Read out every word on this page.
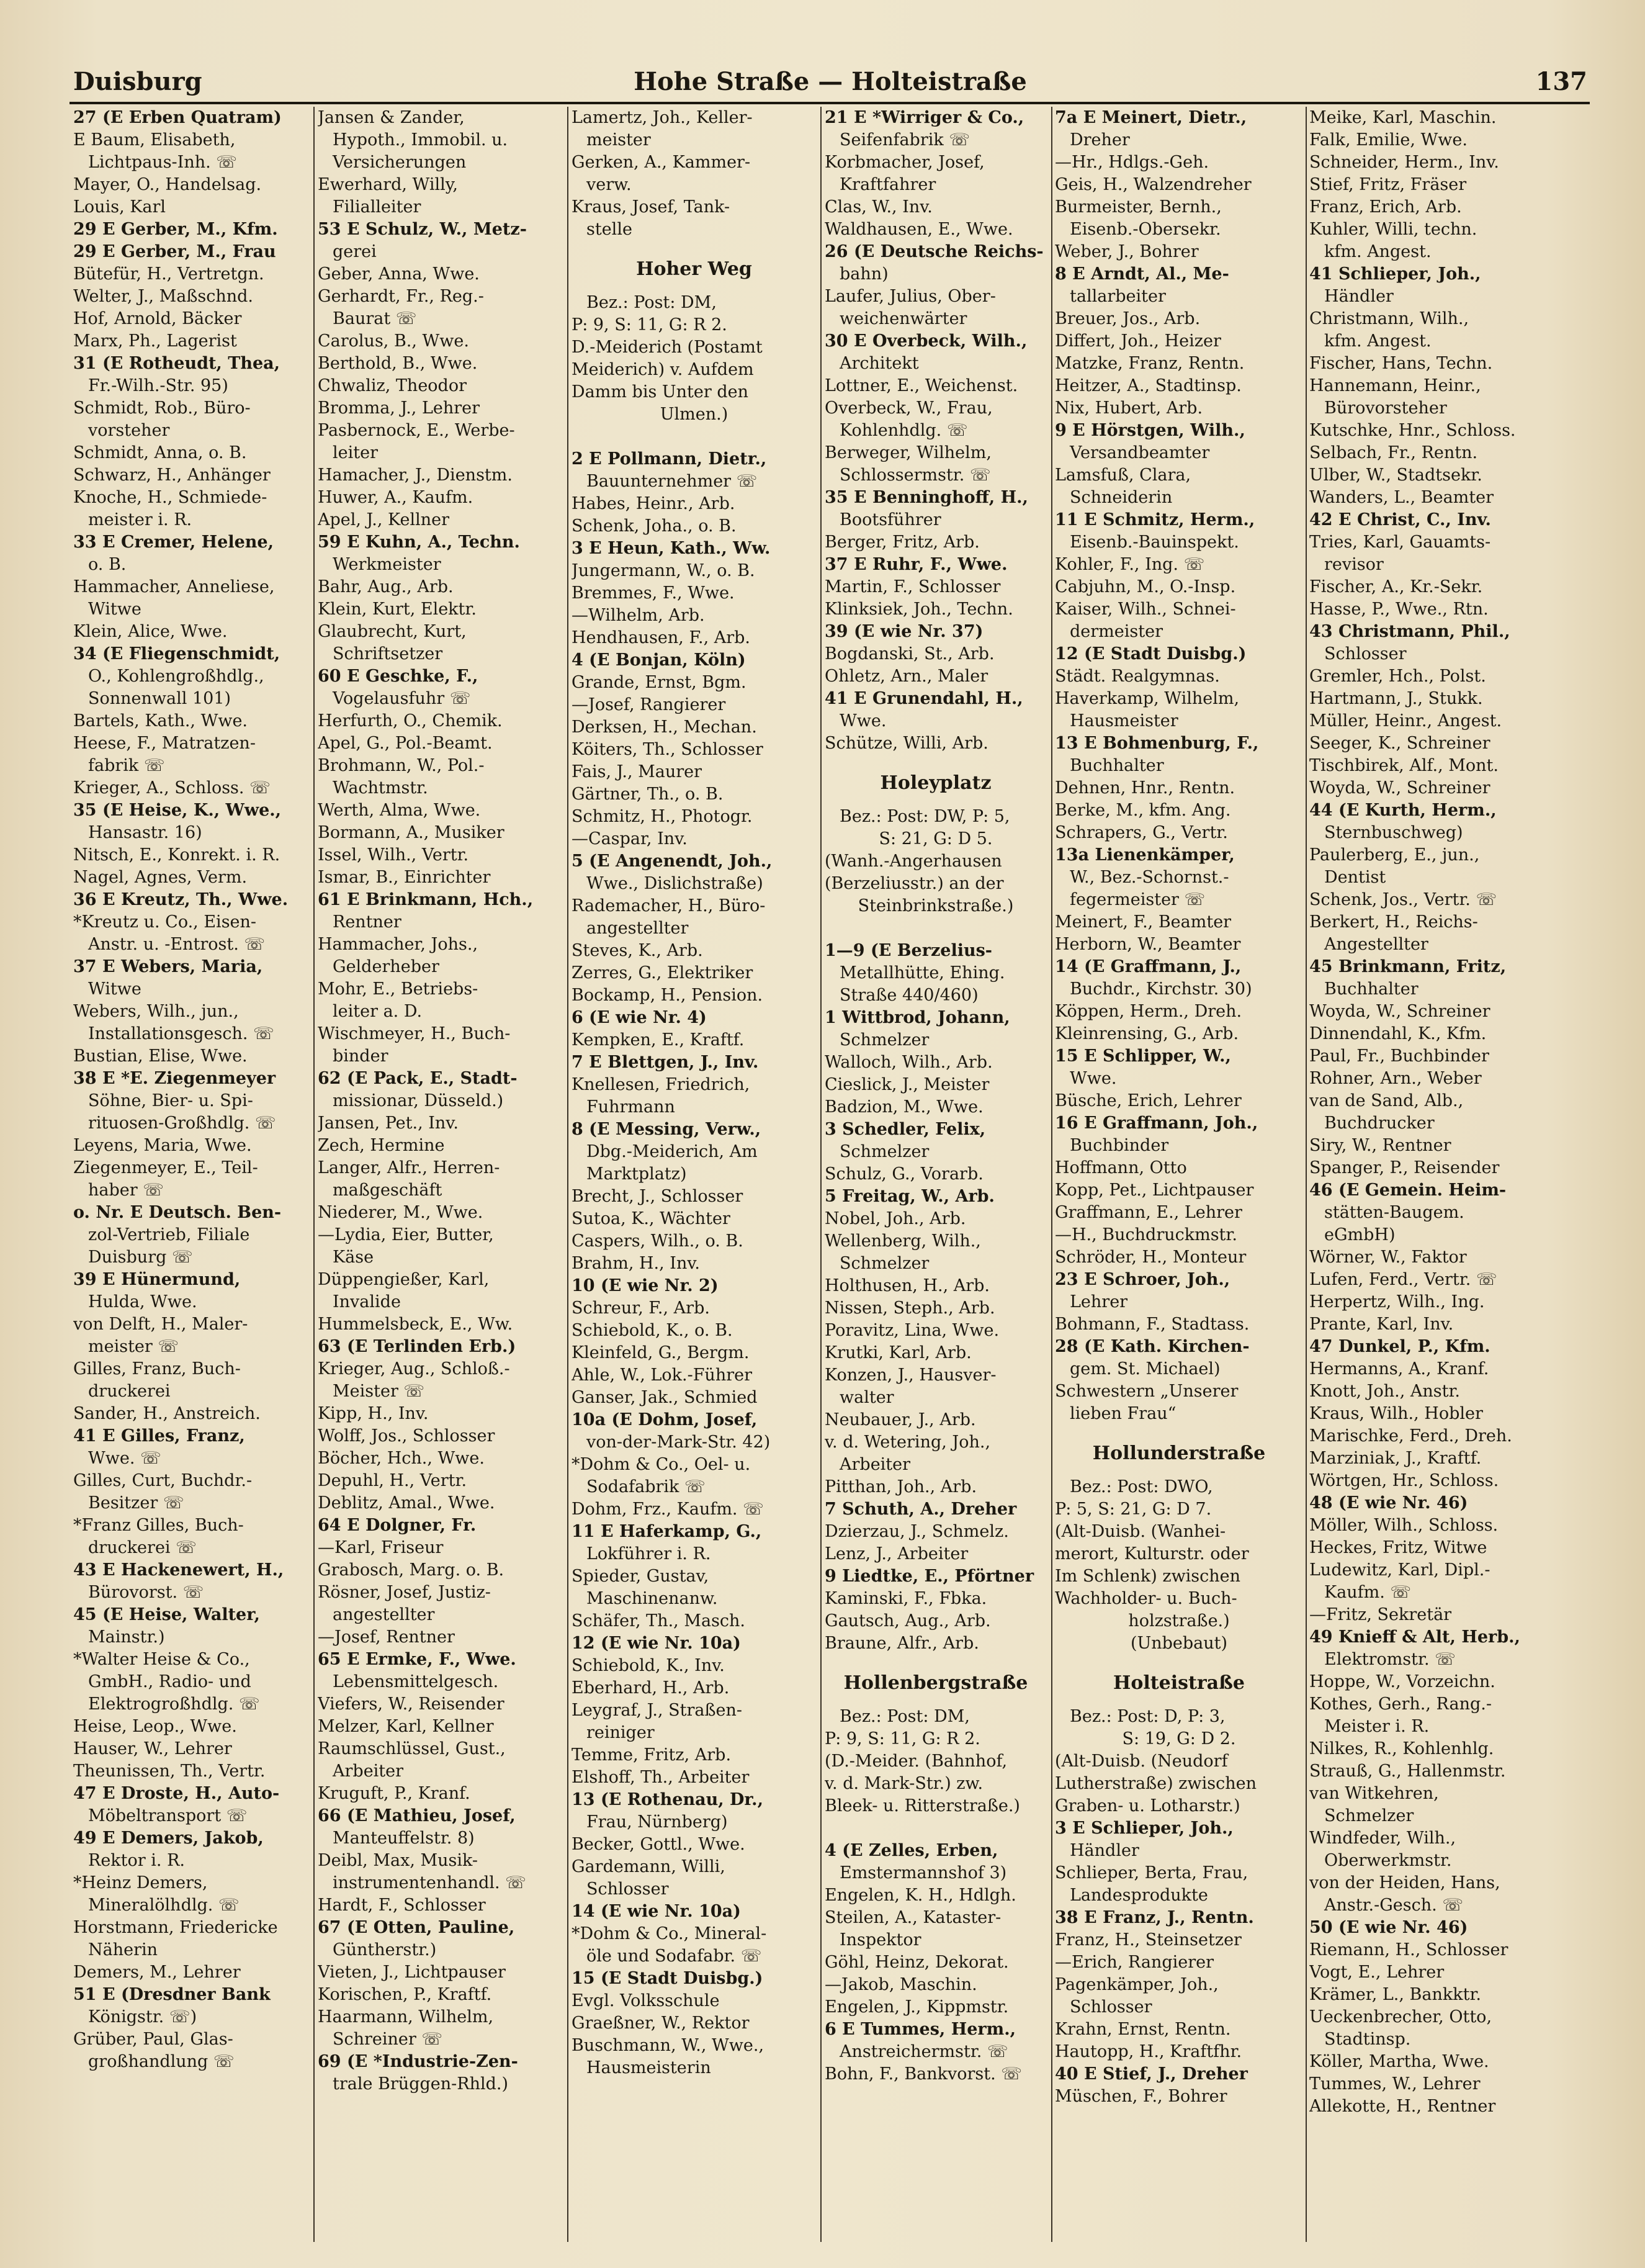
Duisburg	Hohe Straße — Holteistraße	137
27 (E Erben Quatram)
E Baum, Elisabeth,
Lichtpaus-Inh. ☏
Mayer, O., Handelsag.
Louis, Karl
29 E Gerber, M., Kfm.
29 E Gerber, M., Frau
Bütefür, H., Vertretgn.
Welter, J., Maßschnd.
Hof, Arnold, Bäcker
Marx, Ph., Lagerist
31 (E Rotheudt, Thea,
Fr.-Wilh.-Str. 95)
Schmidt, Rob., Büro-
vorsteher
Schmidt, Anna, o. B.
Schwarz, H., Anhänger
Knoche, H., Schmiede-
meister i. R.
33 E Cremer, Helene,
o. B.
Hammacher, Anneliese,
Witwe
Klein, Alice, Wwe.
34 (E Fliegenschmidt,
O., Kohlengroßhdlg.,
Sonnenwall 101)
Bartels, Kath., Wwe.
Heese, F., Matratzen-
fabrik ☏
Krieger, A., Schloss. ☏
35 (E Heise, K., Wwe.,
Hansastr. 16)
Nitsch, E., Konrekt. i. R.
Nagel, Agnes, Verm.
36 E Kreutz, Th., Wwe.
*Kreutz u. Co., Eisen-
Anstr. u. -Entrost. ☏
37 E Webers, Maria,
Witwe
Webers, Wilh., jun.,
Installationsgesch. ☏
Bustian, Elise, Wwe.
38 E *E. Ziegenmeyer
Söhne, Bier- u. Spi-
rituosen-Großhdlg. ☏
Leyens, Maria, Wwe.
Ziegenmeyer, E., Teil-
haber ☏
o. Nr. E Deutsch. Ben-
zol-Vertrieb, Filiale
Duisburg ☏
39 E Hünermund,
Hulda, Wwe.
von Delft, H., Maler-
meister ☏
Gilles, Franz, Buch-
druckerei
Sander, H., Anstreich.
41 E Gilles, Franz,
Wwe. ☏
Gilles, Curt, Buchdr.-
Besitzer ☏
*Franz Gilles, Buch-
druckerei ☏
43 E Hackenewert, H.,
Bürovorst. ☏
45 (E Heise, Walter,
Mainstr.)
*Walter Heise & Co.,
GmbH., Radio- und
Elektrogroßhdlg. ☏
Heise, Leop., Wwe.
Hauser, W., Lehrer
Theunissen, Th., Vertr.
47 E Droste, H., Auto-
Möbeltransport ☏
49 E Demers, Jakob,
Rektor i. R.
*Heinz Demers,
Mineralölhdlg. ☏
Horstmann, Friedericke
Näherin
Demers, M., Lehrer
51 E (Dresdner Bank
Königstr. ☏)
Grüber, Paul, Glas-
großhandlung ☏
Jansen & Zander,
Hypoth., Immobil. u.
Versicherungen
Ewerhard, Willy,
Filialleiter
53 E Schulz, W., Metz-
gerei
Geber, Anna, Wwe.
Gerhardt, Fr., Reg.-
Baurat ☏
Carolus, B., Wwe.
Berthold, B., Wwe.
Chwaliz, Theodor
Bromma, J., Lehrer
Pasbernock, E., Werbe-
leiter
Hamacher, J., Dienstm.
Huwer, A., Kaufm.
Apel, J., Kellner
59 E Kuhn, A., Techn.
Werkmeister
Bahr, Aug., Arb.
Klein, Kurt, Elektr.
Glaubrecht, Kurt,
Schriftsetzer
60 E Geschke, F.,
Vogelausfuhr ☏
Herfurth, O., Chemik.
Apel, G., Pol.-Beamt.
Brohmann, W., Pol.-
Wachtmstr.
Werth, Alma, Wwe.
Bormann, A., Musiker
Issel, Wilh., Vertr.
Ismar, B., Einrichter
61 E Brinkmann, Hch.,
Rentner
Hammacher, Johs.,
Gelderheber
Mohr, E., Betriebs-
leiter a. D.
Wischmeyer, H., Buch-
binder
62 (E Pack, E., Stadt-
missionar, Düsseld.)
Jansen, Pet., Inv.
Zech, Hermine
Langer, Alfr., Herren-
maßgeschäft
Niederer, M., Wwe.
—Lydia, Eier, Butter,
Käse
Düppengießer, Karl,
Invalide
Hummelsbeck, E., Ww.
63 (E Terlinden Erb.)
Krieger, Aug., Schloß.-
Meister ☏
Kipp, H., Inv.
Wolff, Jos., Schlosser
Böcher, Hch., Wwe.
Depuhl, H., Vertr.
Deblitz, Amal., Wwe.
64 E Dolgner, Fr.
—Karl, Friseur
Grabosch, Marg. o. B.
Rösner, Josef, Justiz-
angestellter
—Josef, Rentner
65 E Ermke, F., Wwe.
Lebensmittelgesch.
Viefers, W., Reisender
Melzer, Karl, Kellner
Raumschlüssel, Gust.,
Arbeiter
Kruguft, P., Kranf.
66 (E Mathieu, Josef,
Manteuffelstr. 8)
Deibl, Max, Musik-
instrumentenhandl. ☏
Hardt, F., Schlosser
67 (E Otten, Pauline,
Güntherstr.)
Vieten, J., Lichtpauser
Korischen, P., Kraftf.
Haarmann, Wilhelm,
Schreiner ☏
69 (E *Industrie-Zen-
trale Brüggen-Rhld.)
Lamertz, Joh., Keller-
meister
Gerken, A., Kammer-
verw.
Kraus, Josef, Tank-
stelle
Hoher Weg
Bez.: Post: DM,
P: 9, S: 11, G: R 2.
D.-Meiderich (Postamt
Meiderich) v. Aufdem
Damm bis Unter den
Ulmen.)

2 E Pollmann, Dietr.,
Bauunternehmer ☏
Habes, Heinr., Arb.
Schenk, Joha., o. B.
3 E Heun, Kath., Ww.
Jungermann, W., o. B.
Bremmes, F., Wwe.
—Wilhelm, Arb.
Hendhausen, F., Arb.
4 (E Bonjan, Köln)
Grande, Ernst, Bgm.
—Josef, Rangierer
Derksen, H., Mechan.
Köiters, Th., Schlosser
Fais, J., Maurer
Gärtner, Th., o. B.
Schmitz, H., Photogr.
—Caspar, Inv.
5 (E Angenendt, Joh.,
Wwe., Dislichstraße)
Rademacher, H., Büro-
angestellter
Steves, K., Arb.
Zerres, G., Elektriker
Bockamp, H., Pension.
6 (E wie Nr. 4)
Kempken, E., Kraftf.
7 E Blettgen, J., Inv.
Knellesen, Friedrich,
Fuhrmann
8 (E Messing, Verw.,
Dbg.-Meiderich, Am
Marktplatz)
Brecht, J., Schlosser
Sutoa, K., Wächter
Caspers, Wilh., o. B.
Brahm, H., Inv.
10 (E wie Nr. 2)
Schreur, F., Arb.
Schiebold, K., o. B.
Kleinfeld, G., Bergm.
Ahle, W., Lok.-Führer
Ganser, Jak., Schmied
10a (E Dohm, Josef,
von-der-Mark-Str. 42)
*Dohm & Co., Oel- u.
Sodafabrik ☏
Dohm, Frz., Kaufm. ☏
11 E Haferkamp, G.,
Lokführer i. R.
Spieder, Gustav,
Maschinenanw.
Schäfer, Th., Masch.
12 (E wie Nr. 10a)
Schiebold, K., Inv.
Eberhard, H., Arb.
Leygraf, J., Straßen-
reiniger
Temme, Fritz, Arb.
Elshoff, Th., Arbeiter
13 (E Rothenau, Dr.,
Frau, Nürnberg)
Becker, Gottl., Wwe.
Gardemann, Willi,
Schlosser
14 (E wie Nr. 10a)
*Dohm & Co., Mineral-
öle und Sodafabr. ☏
15 (E Stadt Duisbg.)
Evgl. Volksschule
Graeßner, W., Rektor
Buschmann, W., Wwe.,
Hausmeisterin
21 E *Wirriger & Co.,
Seifenfabrik ☏
Korbmacher, Josef,
Kraftfahrer
Clas, W., Inv.
Waldhausen, E., Wwe.
26 (E Deutsche Reichs-
bahn)
Laufer, Julius, Ober-
weichenwärter
30 E Overbeck, Wilh.,
Architekt
Lottner, E., Weichenst.
Overbeck, W., Frau,
Kohlenhdlg. ☏
Berweger, Wilhelm,
Schlossermstr. ☏
35 E Benninghoff, H.,
Bootsführer
Berger, Fritz, Arb.
37 E Ruhr, F., Wwe.
Martin, F., Schlosser
Klinksiek, Joh., Techn.
39 (E wie Nr. 37)
Bogdanski, St., Arb.
Ohletz, Arn., Maler
41 E Grunendahl, H.,
Wwe.
Schütze, Willi, Arb.
Holeyplatz
Bez.: Post: DW, P: 5,
S: 21, G: D 5.
(Wanh.-Angerhausen
(Berzeliusstr.) an der
Steinbrinkstraße.)

1—9 (E Berzelius-
Metallhütte, Ehing.
Straße 440/460)
1 Wittbrod, Johann,
Schmelzer
Walloch, Wilh., Arb.
Cieslick, J., Meister
Badzion, M., Wwe.
3 Schedler, Felix,
Schmelzer
Schulz, G., Vorarb.
5 Freitag, W., Arb.
Nobel, Joh., Arb.
Wellenberg, Wilh.,
Schmelzer
Holthusen, H., Arb.
Nissen, Steph., Arb.
Poravitz, Lina, Wwe.
Krutki, Karl, Arb.
Konzen, J., Hausver-
walter
Neubauer, J., Arb.
v. d. Wetering, Joh.,
Arbeiter
Pitthan, Joh., Arb.
7 Schuth, A., Dreher
Dzierzau, J., Schmelz.
Lenz, J., Arbeiter
9 Liedtke, E., Pförtner
Kaminski, F., Fbka.
Gautsch, Aug., Arb.
Braune, Alfr., Arb.
Hollenbergstraße
Bez.: Post: DM,
P: 9, S: 11, G: R 2.
(D.-Meider. (Bahnhof,
v. d. Mark-Str.) zw.
Bleek- u. Ritterstraße.)

4 (E Zelles, Erben,
Emstermannshof 3)
Engelen, K. H., Hdlgh.
Steilen, A., Kataster-
Inspektor
Göhl, Heinz, Dekorat.
—Jakob, Maschin.
Engelen, J., Kippmstr.
6 E Tummes, Herm.,
Anstreichermstr. ☏
Bohn, F., Bankvorst. ☏
7a E Meinert, Dietr.,
Dreher
—Hr., Hdlgs.-Geh.
Geis, H., Walzendreher
Burmeister, Bernh.,
Eisenb.-Obersekr.
Weber, J., Bohrer
8 E Arndt, Al., Me-
tallarbeiter
Breuer, Jos., Arb.
Differt, Joh., Heizer
Matzke, Franz, Rentn.
Heitzer, A., Stadtinsp.
Nix, Hubert, Arb.
9 E Hörstgen, Wilh.,
Versandbeamter
Lamsfuß, Clara,
Schneiderin
11 E Schmitz, Herm.,
Eisenb.-Bauinspekt.
Kohler, F., Ing. ☏
Cabjuhn, M., O.-Insp.
Kaiser, Wilh., Schnei-
dermeister
12 (E Stadt Duisbg.)
Städt. Realgymnas.
Haverkamp, Wilhelm,
Hausmeister
13 E Bohmenburg, F.,
Buchhalter
Dehnen, Hnr., Rentn.
Berke, M., kfm. Ang.
Schrapers, G., Vertr.
13a Lienenkämper,
W., Bez.-Schornst.-
fegermeister ☏
Meinert, F., Beamter
Herborn, W., Beamter
14 (E Graffmann, J.,
Buchdr., Kirchstr. 30)
Köppen, Herm., Dreh.
Kleinrensing, G., Arb.
15 E Schlipper, W.,
Wwe.
Büsche, Erich, Lehrer
16 E Graffmann, Joh.,
Buchbinder
Hoffmann, Otto
Kopp, Pet., Lichtpauser
Graffmann, E., Lehrer
—H., Buchdruckmstr.
Schröder, H., Monteur
23 E Schroer, Joh.,
Lehrer
Bohmann, F., Stadtass.
28 (E Kath. Kirchen-
gem. St. Michael)
Schwestern „Unserer
lieben Frau“
Hollunderstraße
Bez.: Post: DWO,
P: 5, S: 21, G: D 7.
(Alt-Duisb. (Wanhei-
merort, Kulturstr. oder
Im Schlenk) zwischen
Wachholder- u. Buch-
holzstraße.)
(Unbebaut)
Holteistraße
Bez.: Post: D, P: 3,
S: 19, G: D 2.
(Alt-Duisb. (Neudorf
Lutherstraße) zwischen
Graben- u. Lotharstr.)
3 E Schlieper, Joh.,
Händler
Schlieper, Berta, Frau,
Landesprodukte
38 E Franz, J., Rentn.
Franz, H., Steinsetzer
—Erich, Rangierer
Pagenkämper, Joh.,
Schlosser
Krahn, Ernst, Rentn.
Hautopp, H., Kraftfhr.
40 E Stief, J., Dreher
Müschen, F., Bohrer
Meike, Karl, Maschin.
Falk, Emilie, Wwe.
Schneider, Herm., Inv.
Stief, Fritz, Fräser
Franz, Erich, Arb.
Kuhler, Willi, techn.
kfm. Angest.
41 Schlieper, Joh.,
Händler
Christmann, Wilh.,
kfm. Angest.
Fischer, Hans, Techn.
Hannemann, Heinr.,
Bürovorsteher
Kutschke, Hnr., Schloss.
Selbach, Fr., Rentn.
Ulber, W., Stadtsekr.
Wanders, L., Beamter
42 E Christ, C., Inv.
Tries, Karl, Gauamts-
revisor
Fischer, A., Kr.-Sekr.
Hasse, P., Wwe., Rtn.
43 Christmann, Phil.,
Schlosser
Gremler, Hch., Polst.
Hartmann, J., Stukk.
Müller, Heinr., Angest.
Seeger, K., Schreiner
Tischbirek, Alf., Mont.
Woyda, W., Schreiner
44 (E Kurth, Herm.,
Sternbuschweg)
Paulerberg, E., jun.,
Dentist
Schenk, Jos., Vertr. ☏
Berkert, H., Reichs-
Angestellter
45 Brinkmann, Fritz,
Buchhalter
Woyda, W., Schreiner
Dinnendahl, K., Kfm.
Paul, Fr., Buchbinder
Rohner, Arn., Weber
van de Sand, Alb.,
Buchdrucker
Siry, W., Rentner
Spanger, P., Reisender
46 (E Gemein. Heim-
stätten-Baugem.
eGmbH)
Wörner, W., Faktor
Lufen, Ferd., Vertr. ☏
Herpertz, Wilh., Ing.
Prante, Karl, Inv.
47 Dunkel, P., Kfm.
Hermanns, A., Kranf.
Knott, Joh., Anstr.
Kraus, Wilh., Hobler
Marischke, Ferd., Dreh.
Marziniak, J., Kraftf.
Wörtgen, Hr., Schloss.
48 (E wie Nr. 46)
Möller, Wilh., Schloss.
Heckes, Fritz, Witwe
Ludewitz, Karl, Dipl.-
Kaufm. ☏
—Fritz, Sekretär
49 Knieff & Alt, Herb.,
Elektromstr. ☏
Hoppe, W., Vorzeichn.
Kothes, Gerh., Rang.-
Meister i. R.
Nilkes, R., Kohlenhlg.
Strauß, G., Hallenmstr.
van Witkehren,
Schmelzer
Windfeder, Wilh.,
Oberwerkmstr.
von der Heiden, Hans,
Anstr.-Gesch. ☏
50 (E wie Nr. 46)
Riemann, H., Schlosser
Vogt, E., Lehrer
Krämer, L., Bankktr.
Ueckenbrecher, Otto,
Stadtinsp.
Köller, Martha, Wwe.
Tummes, W., Lehrer
Allekotte, H., Rentner
